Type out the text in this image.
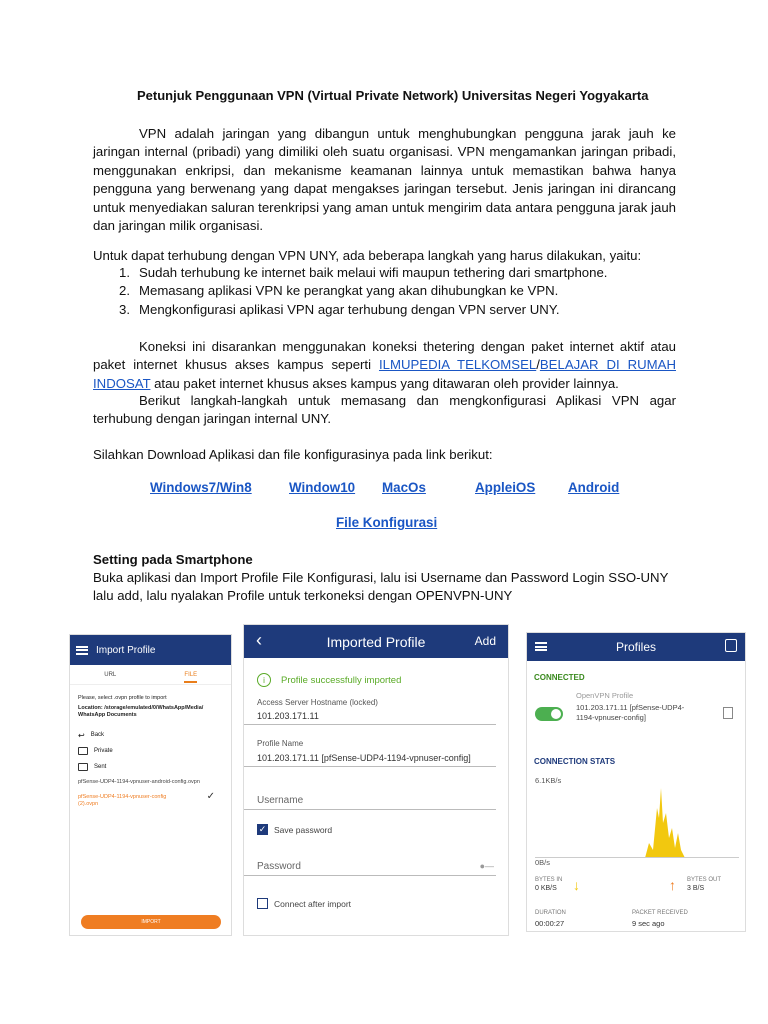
Petunjuk Penggunaan VPN (Virtual Private Network) Universitas Negeri Yogyakarta

VPN adalah jaringan yang dibangun untuk menghubungkan pengguna jarak jauh ke jaringan internal (pribadi) yang dimiliki oleh suatu organisasi. VPN mengamankan jaringan pribadi, menggunakan enkripsi, dan mekanisme keamanan lainnya untuk memastikan bahwa hanya pengguna yang berwenang yang dapat mengakses jaringan tersebut. Jenis jaringan ini dirancang untuk menyediakan saluran terenkripsi yang aman untuk mengirim data antara pengguna jarak jauh dan jaringan milik organisasi.

Untuk dapat terhubung dengan VPN UNY, ada beberapa langkah yang harus dilakukan, yaitu:

1. Sudah terhubung ke internet baik melaui wifi maupun tethering dari smartphone.
2. Memasang aplikasi VPN ke perangkat yang akan dihubungkan ke VPN.
3. Mengkonfigurasi aplikasi VPN agar terhubung dengan VPN server UNY.

Koneksi ini disarankan menggunakan koneksi thetering dengan paket internet aktif atau paket internet khusus akses kampus seperti ILMUPEDIA TELKOMSEL/BELAJAR DI RUMAH INDOSAT atau paket internet khusus akses kampus yang ditawaran oleh provider lainnya.

Berikut langkah-langkah untuk memasang dan mengkonfigurasi Aplikasi VPN agar terhubung dengan jaringan internal UNY.

Silahkan Download Aplikasi dan file konfigurasinya pada link berikut:

Windows7/Win8	Window10 MacOs	AppleiOS Android
File Konfigurasi

Setting pada Smartphone

Buka aplikasi dan Import Profile File Konfigurasi, lalu isi Username dan Password Login SSO-UNY lalu add, lalu nyalakan Profile untuk terkoneksi dengan OPENVPN-UNY

Import Profile
URL	FILE
Please, select .ovpn profile to import
Location: /storage/emulated/0/WhatsApp/Media/ WhatsApp Documents
↩ Back
Private
Sent
pfSense-UDP4-1194-vpnuser-android-config.ovpn
pfSense-UDP4-1194-vpnuser-config (2).ovpn
✓
IMPORT
‹	Imported Profile	Add
i	Profile successfully imported
Access Server Hostname (locked)
101.203.171.11
Profile Name
101.203.171.11 [pfSense-UDP4-1194-vpnuser-config]
Username
✓ Save password
Password	●―
Connect after import
Profiles
CONNECTED
OpenVPN Profile
101.203.171.11 [pfSense-UDP4-1194-vpnuser-config]
CONNECTION STATS
6.1KB/s
0B/s
BYTES IN
0 KB/S ↓	↑ BYTES OUT
3 B/S
DURATION
00:00:27
PACKET RECEIVED
9 sec ago
